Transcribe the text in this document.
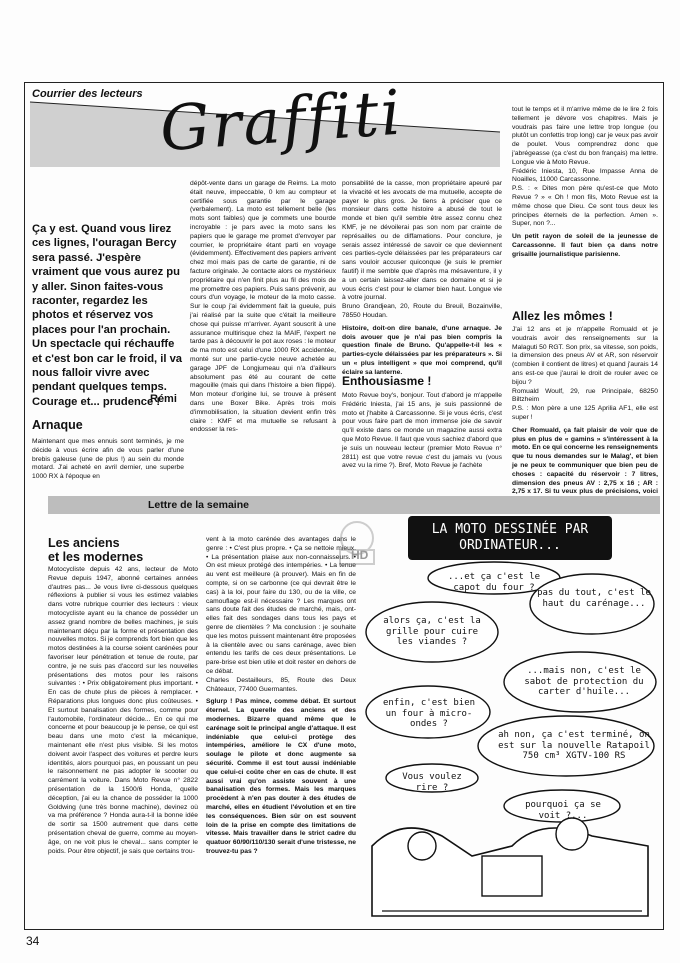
Courrier des lecteurs Graffiti
Ça y est. Quand vous lirez ces lignes, l'ouragan Bercy sera passé. J'espère vraiment que vous aurez pu y aller. Sinon faites-vous raconter, regardez les photos et réservez vos places pour l'an prochain. Un spectacle qui réchauffe et c'est bon car le froid, il va nous falloir vivre avec pendant quelques temps. Courage et... prudence !
Rémi
Arnaque
Maintenant que mes ennuis sont terminés, je me décide à vous écrire afin de vous parler d'une brebis galeuse (une de plus !) au sein du monde motard. J'ai acheté en avril dernier, une superbe 1000 RX à l'époque en
dépôt-vente dans un garage de Reims. La moto était neuve, impeccable, 0 km au compteur et certifiée sous garantie par le garage (verbalement). La moto est tellement belle (les mots sont faibles) que je commets une bourde incroyable : je pars avec la moto sans les papiers que le garage me promet d'envoyer par courrier, le propriétaire étant parti en voyage (évidemment). Effectivement des papiers arrivent chez moi mais pas de carte de garantie, ni de facture originale. Je contacte alors ce mystérieux propriétaire qui n'en finit plus au fil des mois de me promettre ces papiers. Puis sans prévenir, au cours d'un voyage, le moteur de la moto casse. Sur le coup j'ai évidemment fait la gueule, puis j'ai réalisé par la suite que c'était la meilleure chose qui puisse m'arriver. Ayant souscrit à une assurance multirisque chez la MAIF, l'expert ne tarde pas à découvrir le pot aux roses : le moteur de ma moto est celui d'une 1000 RX accidentée, monté sur une partie-cycle neuve achetée au garage JPF de Longjumeau qui n'a d'ailleurs absolument pas été au courant de cette magouille (mais qui dans l'histoire a bien flippé). Mon moteur d'origine lui, se trouve à présent dans une Boxer Bike. Après trois mois d'immobilisation, la situation devient enfin très claire : KMF et ma mutuelle se refusant à endosser la res-

ponsabilité de la casse, mon propriétaire apeuré par la vivacité et les avocats de ma mutuelle, accepte de payer le plus gros. Je tiens à préciser que ce monsieur dans cette histoire a abusé de tout le monde et bien qu'il semble être assez connu chez KMF, je ne dévoilerai pas son nom par crainte de représailles ou de diffamations. Pour conclure, je serais assez intéressé de savoir ce que deviennent ces parties-cycle délaissées par les préparateurs car sans vouloir accuser quiconque (je suis le premier fautif) il me semble que d'après ma mésaventure, il y a un certain laissez-aller dans ce domaine et si je vous écris c'est pour le clamer bien haut. Longue vie à votre journal.

Bruno Grandjean, 20, Route du Breuil, Bozainville, 78550 Houdan.

Histoire, doit-on dire banale, d'une arnaque. Je dois avouer que je n'ai pas bien compris la question finale de Bruno. Qu'appelle-t-il les « parties-cycle délaissées par les préparateurs ». Si un « plus intelligent » que moi comprend, qu'il éclaire sa lanterne.

Enthousiasme !
Moto Revue boy's, bonjour. Tout d'abord je m'appelle Frédéric Iniesta, j'ai 15 ans, je suis passionné de moto et j'habite à Carcassonne. Si je vous écris, c'est pour vous faire part de mon immense joie de savoir qu'il existe dans ce monde un magazine aussi extra que Moto Revue. Il faut que vous sachiez d'abord que je suis un nouveau lecteur (premier Moto Revue n° 2811) est que votre revue c'est du jamais vu (vous avez vu la rime ?). Bref, Moto Revue je l'achète

tout le temps et il m'arrive même de le lire 2 fois tellement je dévore vos chapitres. Mais je voudrais pas faire une lettre trop longue (ou plutôt un confettis trop long) car je veux pas avoir de poulet. Vous comprendrez donc que j'abrégeasse (ça c'est du bon français) ma lettre. Longue vie à Moto Revue.

Frédéric Iniesta, 10, Rue Impasse Anna de Noailles, 11000 Carcassonne.

P.S. : « Dites mon père qu'est-ce que Moto Revue ? » « Oh ! mon fils, Moto Revue est la même chose que Dieu. Ce sont tous deux les principes éternels de la perfection. Amen ». Super, non ?...

Un petit rayon de soleil de la jeunesse de Carcassonne. Il faut bien ça dans notre grisaille journalistique parisienne.

Allez les mômes !

J'ai 12 ans et je m'appelle Romuald et je voudrais avoir des renseignements sur la Malaguti 50 RGT. Son prix, sa vitesse, son poids, la dimension des pneus AV et AR, son réservoir (combien il contient de litres) et quand j'aurais 14 ans est-ce que j'aurai le droit de rouler avec ce bijou ?

Romuald Woulf, 29, rue Principale, 68250 Biltzheim

P.S. : Mon père a une 125 Aprilia AF1, elle est super !

Cher Romuald, ça fait plaisir de voir que de plus en plus de « gamins » s'intéressent à la moto. En ce qui concerne les renseignements que tu nous demandes sur le Malag', et bien je ne peux te communiquer que bien peu de choses : capacité du réservoir : 7 litres, dimension des pneus AV : 2,75 x 16 ; AR : 2,75 x 17. Si tu veux plus de précisions, voici

Lettre de la semaine
Les anciens
et les modernes
Motocycliste depuis 42 ans, lecteur de Moto Revue depuis 1947, abonné certaines années d'autres pas... Je vous livre ci-dessous quelques réflexions à publier si vous les estimez valables dans votre rubrique courrier des lecteurs : vieux motocycliste ayant eu la chance de posséder un assez grand nombre de belles machines, je suis maintenant déçu par la forme et présentation des nouvelles motos. Si je comprends fort bien que les motos destinées à la course soient carénées pour favoriser leur pénétration et tenue de route, par contre, je ne suis pas d'accord sur les nouvelles présentations des motos pour les raisons suivantes : • Prix obligatoirement plus important. • En cas de chute plus de pièces à remplacer. • Réparations plus longues donc plus coûteuses. • Et surtout banalisation des formes, comme pour l'automobile, l'ordinateur décide... En ce qui me concerne et pour beaucoup je le pense, ce qui est beau dans une moto c'est la mécanique, maintenant elle n'est plus visible. Si les motos doivent avoir l'aspect des voitures et perdre leurs identités, alors pourquoi pas, en poussant un peu le raisonnement ne pas adopter le scooter ou carrément la voiture. Dans Moto Revue n° 2822 présentation de la 1500/6 Honda, quelle déception, j'ai eu la chance de posséder la 1000 Goldwing (une très bonne machine), devinez où va ma préférence ? Honda aura-t-il la bonne idée de sortir sa 1500 autrement que dans cette présentation cheval de guerre, comme au moyen-âge, on ne voit plus le cheval... sans compter le poids. Pour être objectif, je sais que certains trou-

vent à la moto carénée des avantages dans le genre : • C'est plus propre. • Ça se nettoie mieux. • La présentation plaise aux non-connaisseurs. • On est mieux protégé des intempéries. • La tenue au vent est meilleure (à prouver). Mais en fin de compte, si on se carbonne (ce qui devrait être le cas) à la loi, pour faire du 130, ou de la ville, ce camouflage est-il nécessaire ? Les marques ont sans doute fait des études de marché, mais, ont-elles fait des sondages dans tous les pays et genre de clientèles ? Ma conclusion : je souhaite que les motos puissent maintenant être proposées à la clientèle avec ou sans carénage, avec bien entendu les tarifs de ces deux présentations. Le pare-brise est bien utile et doit rester en dehors de ce débat.

Charles Destailleurs, 85, Route des Deux Châteaux, 77400 Guermantes.

Sglurp ! Pas mince, comme débat. Et surtout éternel. La querelle des anciens et des modernes. Bizarre quand même que le carénage soit le principal angle d'attaque. Il est indéniable que celui-ci protège des intempéries, améliore le CX d'une moto, soulage le pilote et donc augmente sa sécurité. Comme il est tout aussi indéniable que celui-ci coûte cher en cas de chute. Il est aussi vrai qu'on assiste souvent à une banalisation des formes. Mais les marques procèdent à n'en pas douter à des études de marché, elles en étudient l'évolution et en tire les conséquences. Bien sûr on est souvent loin de la prise en compte des limitations de vitesse. Mais travailler dans le strict cadre du quatuor 60/90/110/130 serait d'une tristesse, ne trouvez-tu pas ?

LA MOTO DESSINÉE PAR
ORDINATEUR...
...et ça c'est le capot du four ?
pas du tout, c'est le haut du carénage...
alors ça, c'est la grille pour cuire les viandes ?
...mais non, c'est le sabot de protection du carter d'huile...
enfin, c'est bien un four à micro-ondes ?
ah non, ça c'est terminé, on est sur la nouvelle Ratapoil 750 cm³ XGTV-100 RS
Vous voulez rire ?
pourquoi ça se voit ?...
HD
34
